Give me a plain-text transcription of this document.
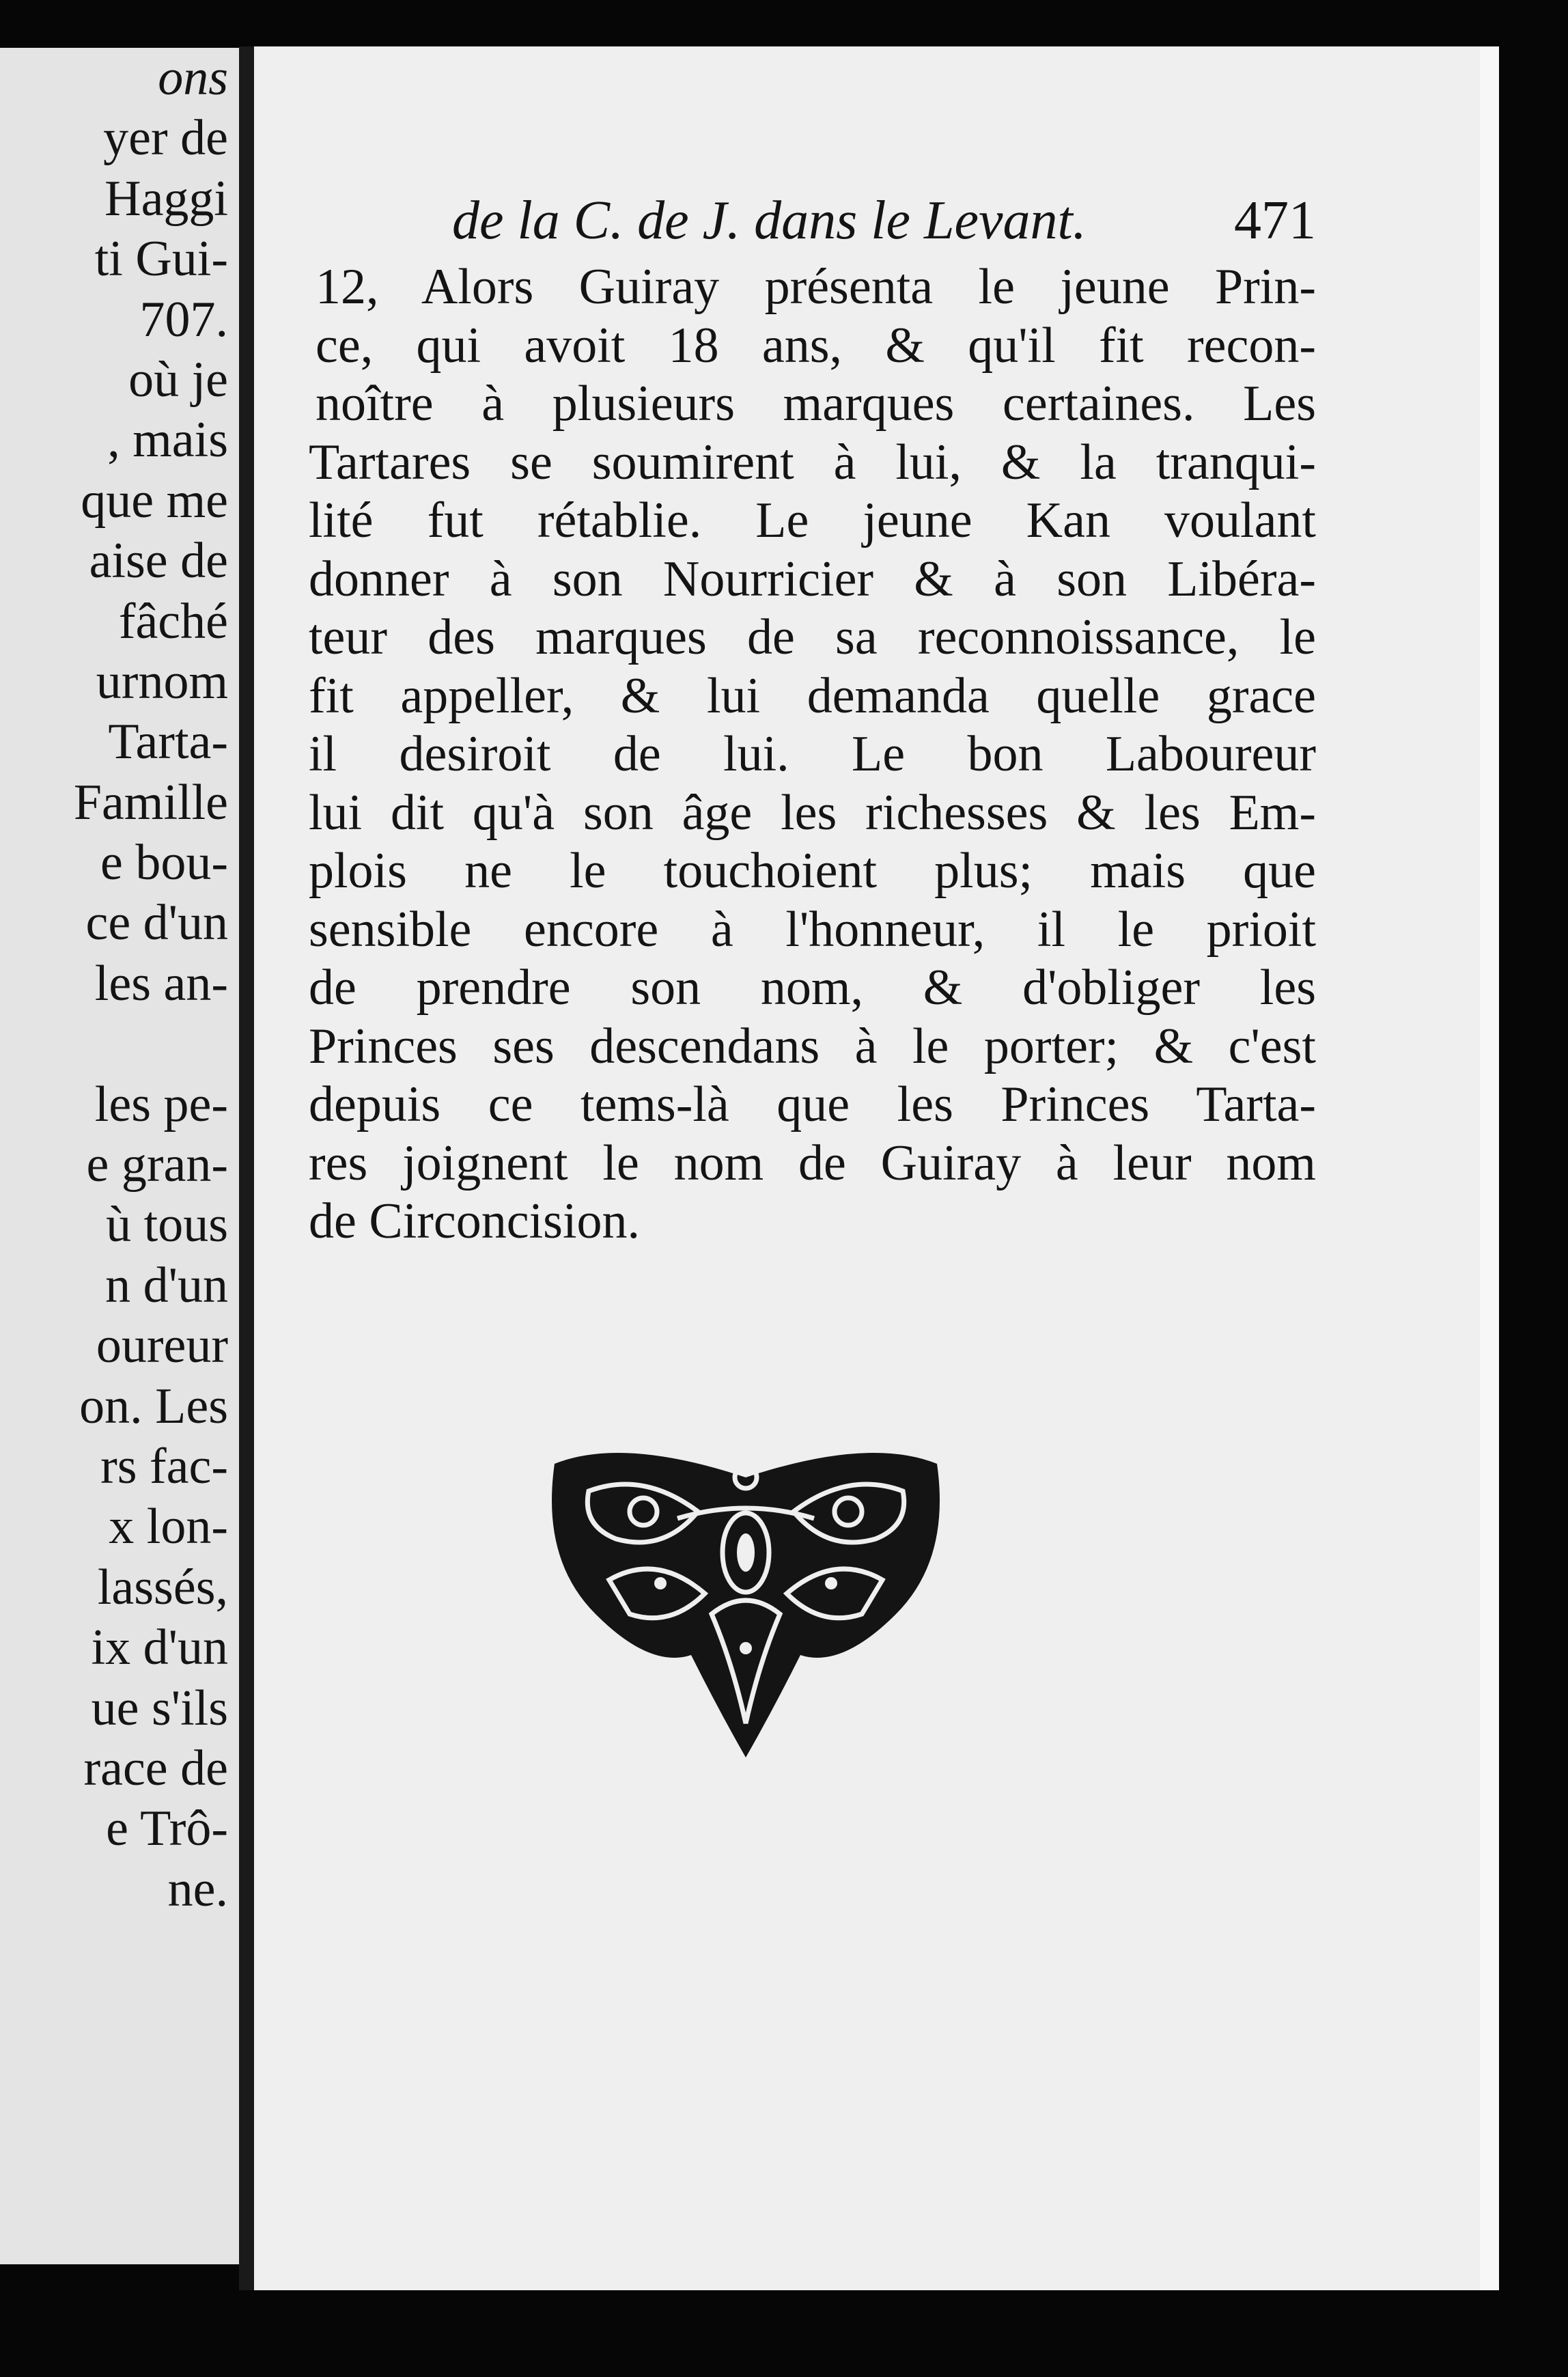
ons
yer de
Haggi
ti Gui-
707.
où je
, mais
que me
aise de
fâché
urnom
Tarta-
Famille
e bou-
ce d'un
les an-
les pe-
e gran-
ù tous
n d'un
oureur
on. Les
rs fac-
x lon-
lassés,
ix d'un
ue s'ils
race de
e Trô-
ne.
de la C. de J. dans le Levant.	471
12, Alors Guiray présenta le jeune Prin-
ce, qui avoit 18 ans, & qu'il fit recon-
noître à plusieurs marques certaines. Les
Tartares se soumirent à lui, & la tranqui-
lité fut rétablie. Le jeune Kan voulant
donner à son Nourricier & à son Libéra-
teur des marques de sa reconnoissance, le
fit appeller, & lui demanda quelle grace
il desiroit de lui. Le bon Laboureur
lui dit qu'à son âge les richesses & les Em-
plois ne le touchoient plus; mais que
sensible encore à l'honneur, il le prioit
de prendre son nom, & d'obliger les
Princes ses descendans à le porter; & c'est
depuis ce tems-là que les Princes Tarta-
res joignent le nom de Guiray à leur nom
de Circoncision.
